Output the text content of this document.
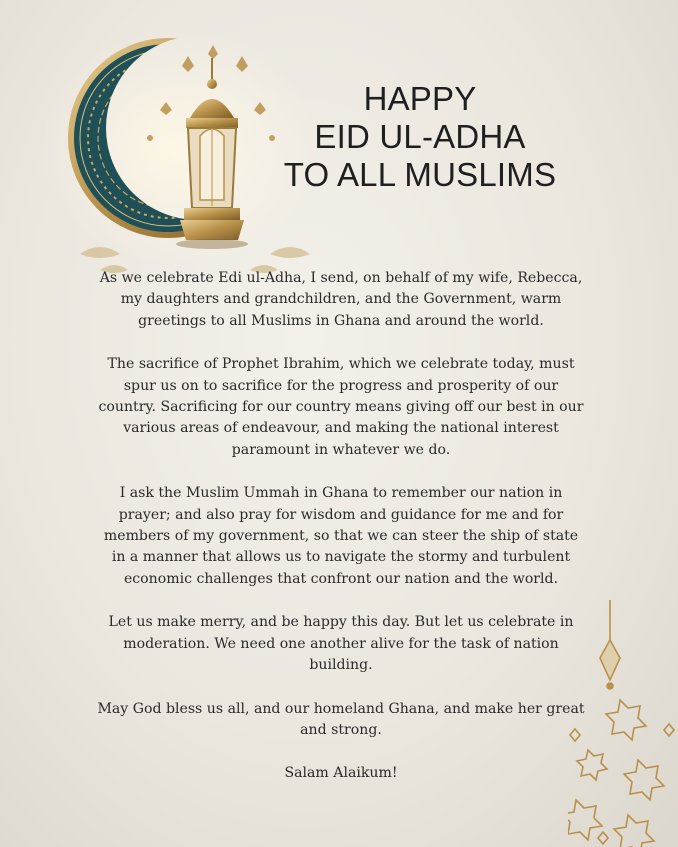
HAPPY
EID UL-ADHA
TO ALL MUSLIMS

As we celebrate Edi ul-Adha, I send, on behalf of my wife, Rebecca, my daughters and grandchildren, and the Government, warm greetings to all Muslims in Ghana and around the world.

The sacrifice of Prophet Ibrahim, which we celebrate today, must spur us on to sacrifice for the progress and prosperity of our country. Sacrificing for our country means giving off our best in our various areas of endeavour, and making the national interest paramount in whatever we do.

I ask the Muslim Ummah in Ghana to remember our nation in prayer; and also pray for wisdom and guidance for me and for members of my government, so that we can steer the ship of state in a manner that allows us to navigate the stormy and turbulent economic challenges that confront our nation and the world.

Let us make merry, and be happy this day. But let us celebrate in moderation. We need one another alive for the task of nation building.

May God bless us all, and our homeland Ghana, and make her great and strong.

Salam Alaikum!
